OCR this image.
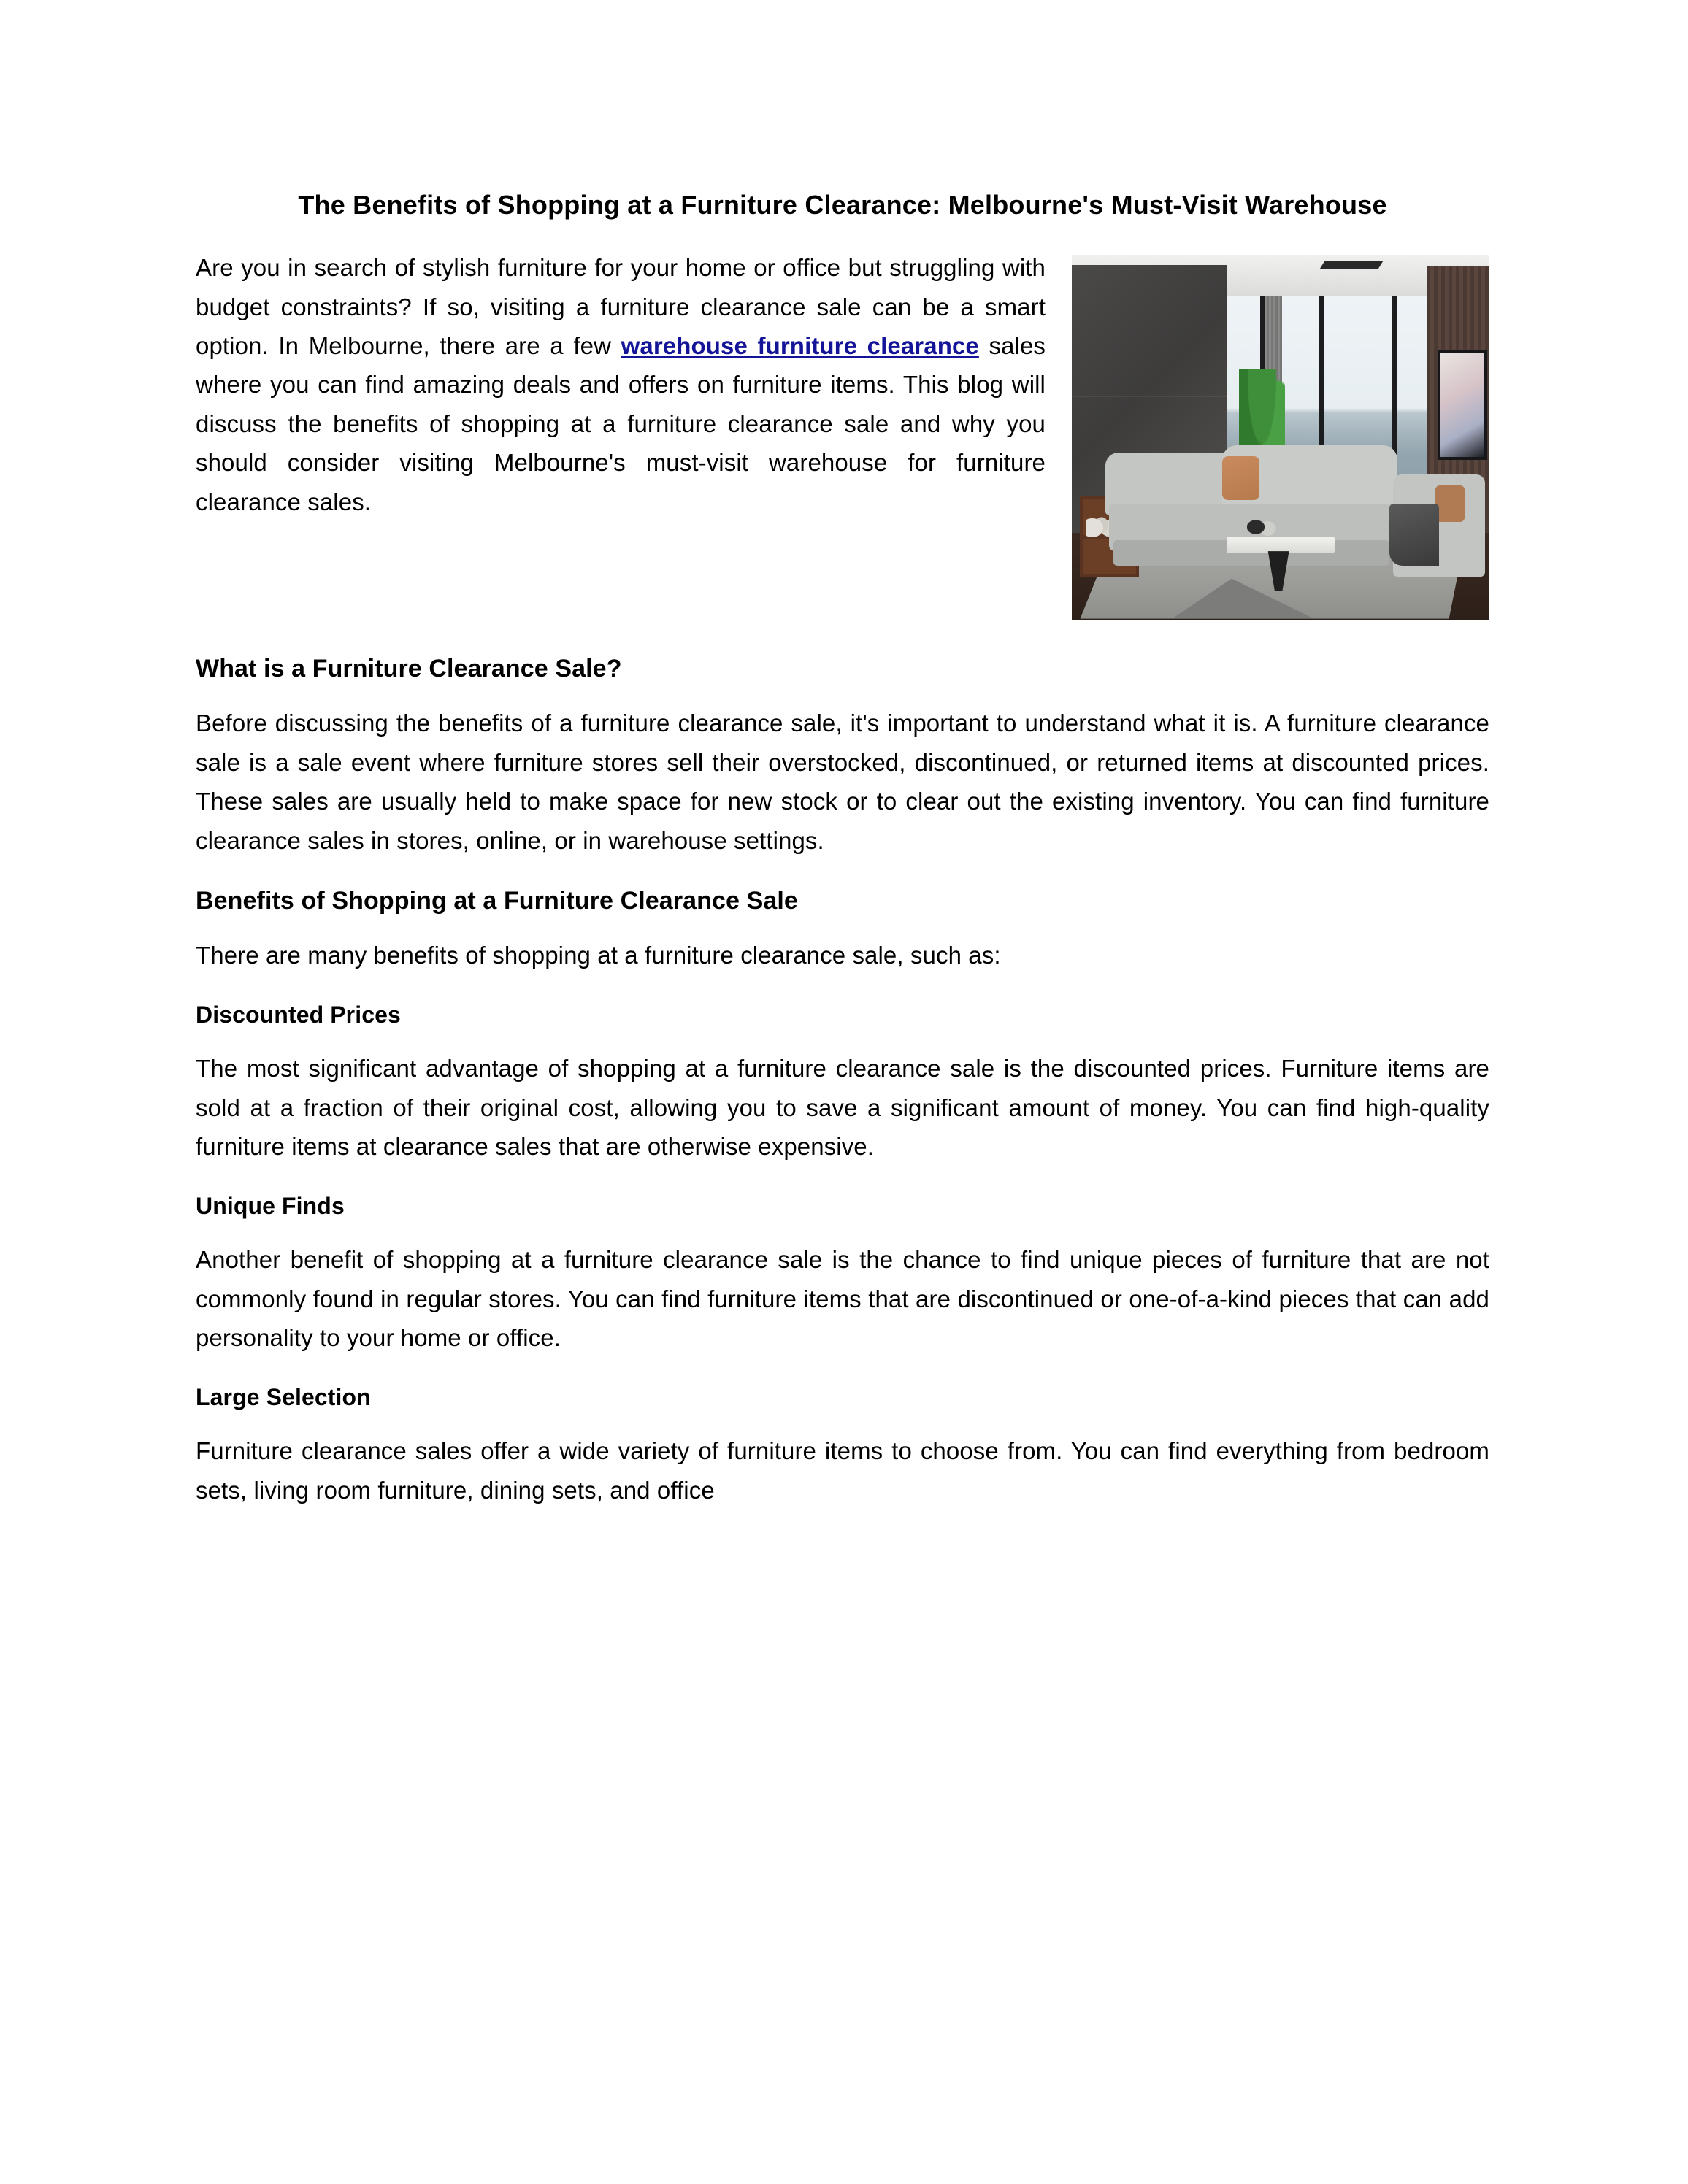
The Benefits of Shopping at a Furniture Clearance: Melbourne's Must-Visit Warehouse

Are you in search of stylish furniture for your home or office but struggling with budget constraints? If so, visiting a furniture clearance sale can be a smart option. In Melbourne, there are a few warehouse furniture clearance sales where you can find amazing deals and offers on furniture items. This blog will discuss the benefits of shopping at a furniture clearance sale and why you should consider visiting Melbourne's must-visit warehouse for furniture clearance sales.

What is a Furniture Clearance Sale?

Before discussing the benefits of a furniture clearance sale, it's important to understand what it is. A furniture clearance sale is a sale event where furniture stores sell their overstocked, discontinued, or returned items at discounted prices. These sales are usually held to make space for new stock or to clear out the existing inventory. You can find furniture clearance sales in stores, online, or in warehouse settings.

Benefits of Shopping at a Furniture Clearance Sale

There are many benefits of shopping at a furniture clearance sale, such as:

Discounted Prices

The most significant advantage of shopping at a furniture clearance sale is the discounted prices. Furniture items are sold at a fraction of their original cost, allowing you to save a significant amount of money. You can find high-quality furniture items at clearance sales that are otherwise expensive.

Unique Finds

Another benefit of shopping at a furniture clearance sale is the chance to find unique pieces of furniture that are not commonly found in regular stores. You can find furniture items that are discontinued or one-of-a-kind pieces that can add personality to your home or office.

Large Selection

Furniture clearance sales offer a wide variety of furniture items to choose from. You can find everything from bedroom sets, living room furniture, dining sets, and office
